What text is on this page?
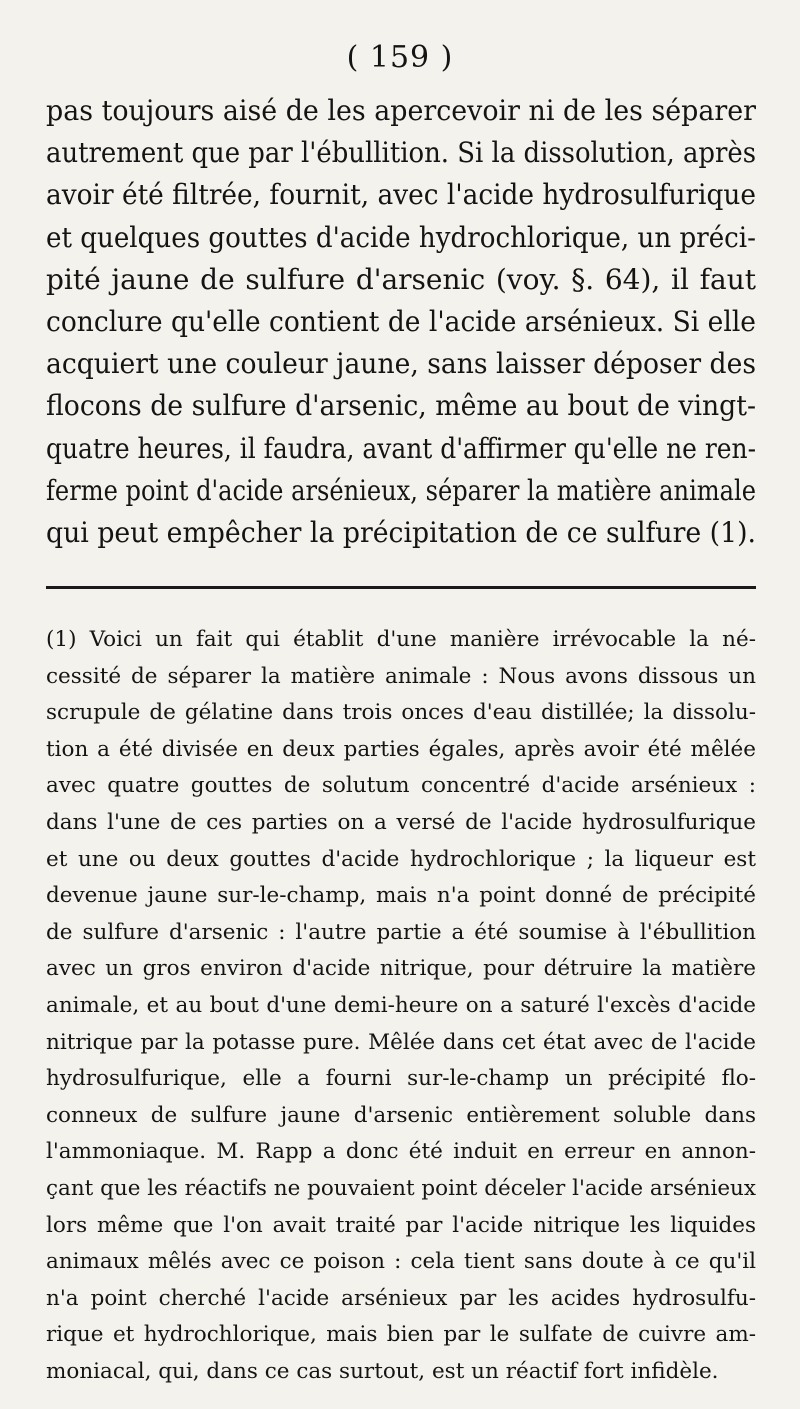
( 159 )
pas toujours aisé de les apercevoir ni de les séparer
autrement que par l'ébullition. Si la dissolution, après
avoir été filtrée, fournit, avec l'acide hydrosulfurique
et quelques gouttes d'acide hydrochlorique, un préci-
pité jaune de sulfure d'arsenic (voy. §. 64), il faut
conclure qu'elle contient de l'acide arsénieux. Si elle
acquiert une couleur jaune, sans laisser déposer des
flocons de sulfure d'arsenic, même au bout de vingt-
quatre heures, il faudra, avant d'affirmer qu'elle ne ren-
ferme point d'acide arsénieux, séparer la matière animale
qui peut empêcher la précipitation de ce sulfure (1).
(1) Voici un fait qui établit d'une manière irrévocable la né-
cessité de séparer la matière animale : Nous avons dissous un
scrupule de gélatine dans trois onces d'eau distillée; la dissolu-
tion a été divisée en deux parties égales, après avoir été mêlée
avec quatre gouttes de solutum concentré d'acide arsénieux :
dans l'une de ces parties on a versé de l'acide hydrosulfurique
et une ou deux gouttes d'acide hydrochlorique ; la liqueur est
devenue jaune sur-le-champ, mais n'a point donné de précipité
de sulfure d'arsenic : l'autre partie a été soumise à l'ébullition
avec un gros environ d'acide nitrique, pour détruire la matière
animale, et au bout d'une demi-heure on a saturé l'excès d'acide
nitrique par la potasse pure. Mêlée dans cet état avec de l'acide
hydrosulfurique, elle a fourni sur-le-champ un précipité flo-
conneux de sulfure jaune d'arsenic entièrement soluble dans
l'ammoniaque. M. Rapp a donc été induit en erreur en annon-
çant que les réactifs ne pouvaient point déceler l'acide arsénieux
lors même que l'on avait traité par l'acide nitrique les liquides
animaux mêlés avec ce poison : cela tient sans doute à ce qu'il
n'a point cherché l'acide arsénieux par les acides hydrosulfu-
rique et hydrochlorique, mais bien par le sulfate de cuivre am-
moniacal, qui, dans ce cas surtout, est un réactif fort infidèle.
